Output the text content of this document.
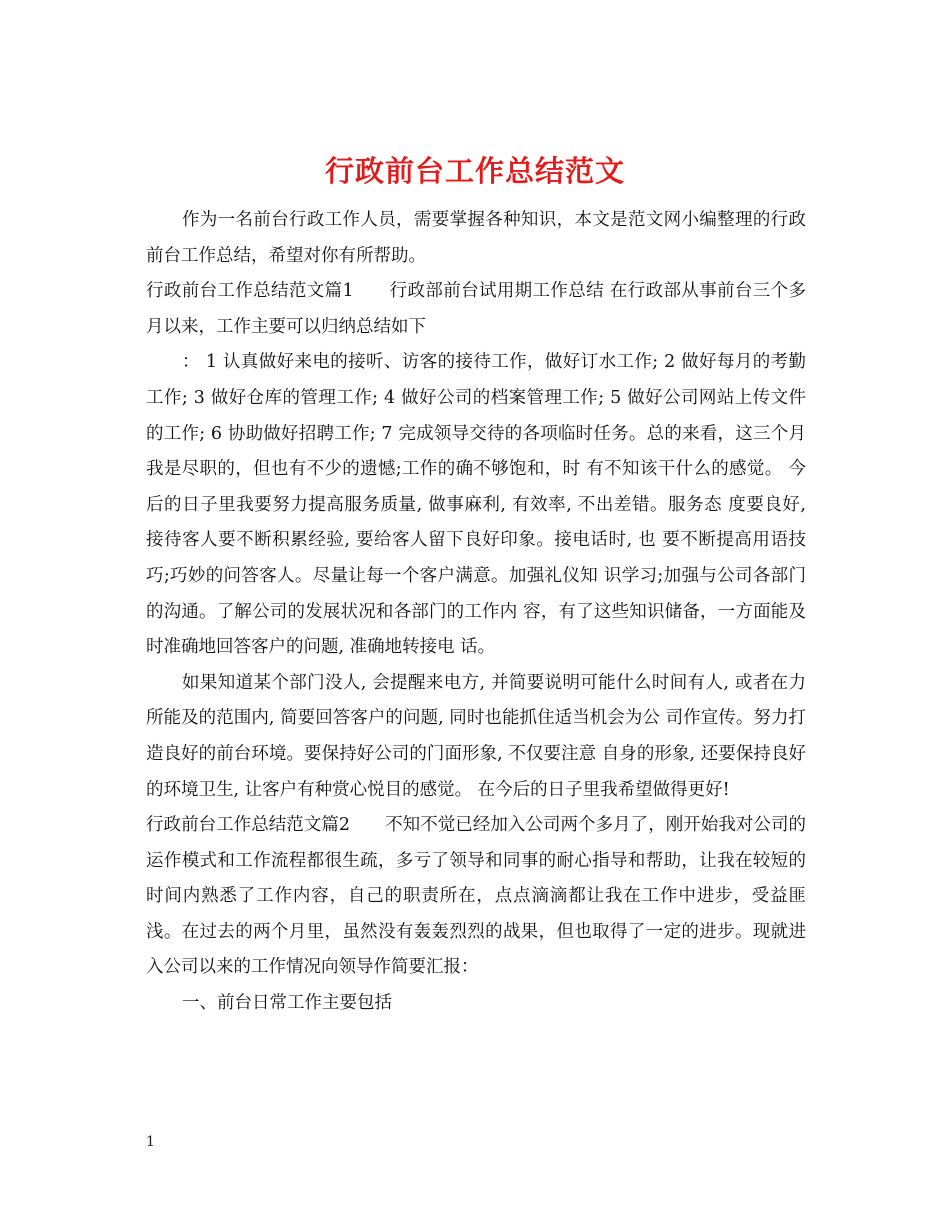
行政前台工作总结范文

作为一名前台行政工作人员，需要掌握各种知识，本文是范文网小编整理的行政前台工作总结，希望对你有所帮助。

行政前台工作总结范文篇1　　行政部前台试用期工作总结 在行政部从事前台三个多月以来，工作主要可以归纳总结如下

： 1 认真做好来电的接听、访客的接待工作，做好订水工作; 2 做好每月的考勤工作; 3 做好仓库的管理工作; 4 做好公司的档案管理工作; 5 做好公司网站上传文件的工作; 6 协助做好招聘工作; 7 完成领导交待的各项临时任务。总的来看，这三个月我是尽职的，但也有不少的遗憾;工作的确不够饱和，时 有不知该干什么的感觉。 今后的日子里我要努力提高服务质量, 做事麻利, 有效率, 不出差错。服务态 度要良好, 接待客人要不断积累经验, 要给客人留下良好印象。接电话时, 也 要不断提高用语技巧;巧妙的问答客人。尽量让每一个客户满意。加强礼仪知 识学习;加强与公司各部门的沟通。了解公司的发展状况和各部门的工作内 容，有了这些知识储备，一方面能及时准确地回答客户的问题, 准确地转接电 话。

如果知道某个部门没人, 会提醒来电方, 并简要说明可能什么时间有人, 或者在力所能及的范围内, 简要回答客户的问题, 同时也能抓住适当机会为公 司作宣传。努力打造良好的前台环境。要保持好公司的门面形象, 不仅要注意 自身的形象, 还要保持良好的环境卫生, 让客户有种赏心悦目的感觉。 在今后的日子里我希望做得更好!

行政前台工作总结范文篇2　　不知不觉已经加入公司两个多月了，刚开始我对公司的运作模式和工作流程都很生疏，多亏了领导和同事的耐心指导和帮助，让我在较短的时间内熟悉了工作内容，自己的职责所在，点点滴滴都让我在工作中进步，受益匪浅。在过去的两个月里，虽然没有轰轰烈烈的战果，但也取得了一定的进步。现就进入公司以来的工作情况向领导作简要汇报：

一、前台日常工作主要包括

1
